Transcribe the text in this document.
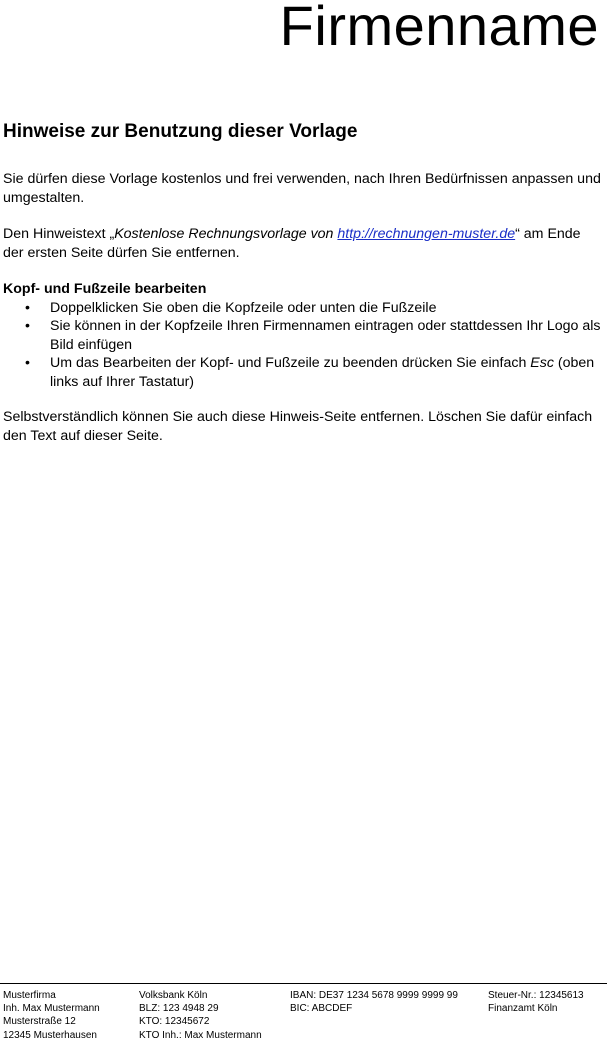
Firmenname
Hinweise zur Benutzung dieser Vorlage

Sie dürfen diese Vorlage kostenlos und frei verwenden, nach Ihren Bedürfnissen anpassen und umgestalten.

Den Hinweistext „Kostenlose Rechnungsvorlage von http://rechnungen-muster.de“ am Ende der ersten Seite dürfen Sie entfernen.

Kopf- und Fußzeile bearbeiten
• Doppelklicken Sie oben die Kopfzeile oder unten die Fußzeile
• Sie können in der Kopfzeile Ihren Firmennamen eintragen oder stattdessen Ihr Logo als Bild einfügen
• Um das Bearbeiten der Kopf- und Fußzeile zu beenden drücken Sie einfach Esc (oben links auf Ihrer Tastatur)

Selbstverständlich können Sie auch diese Hinweis-Seite entfernen. Löschen Sie dafür einfach den Text auf dieser Seite.

Musterfirma
Inh. Max Mustermann
Musterstraße 12
12345 Musterhausen
Volksbank Köln
BLZ: 123 4948 29
KTO: 12345672
KTO Inh.: Max Mustermann
IBAN: DE37 1234 5678 9999 9999 99
BIC: ABCDEF
Steuer-Nr.: 12345613
Finanzamt Köln
